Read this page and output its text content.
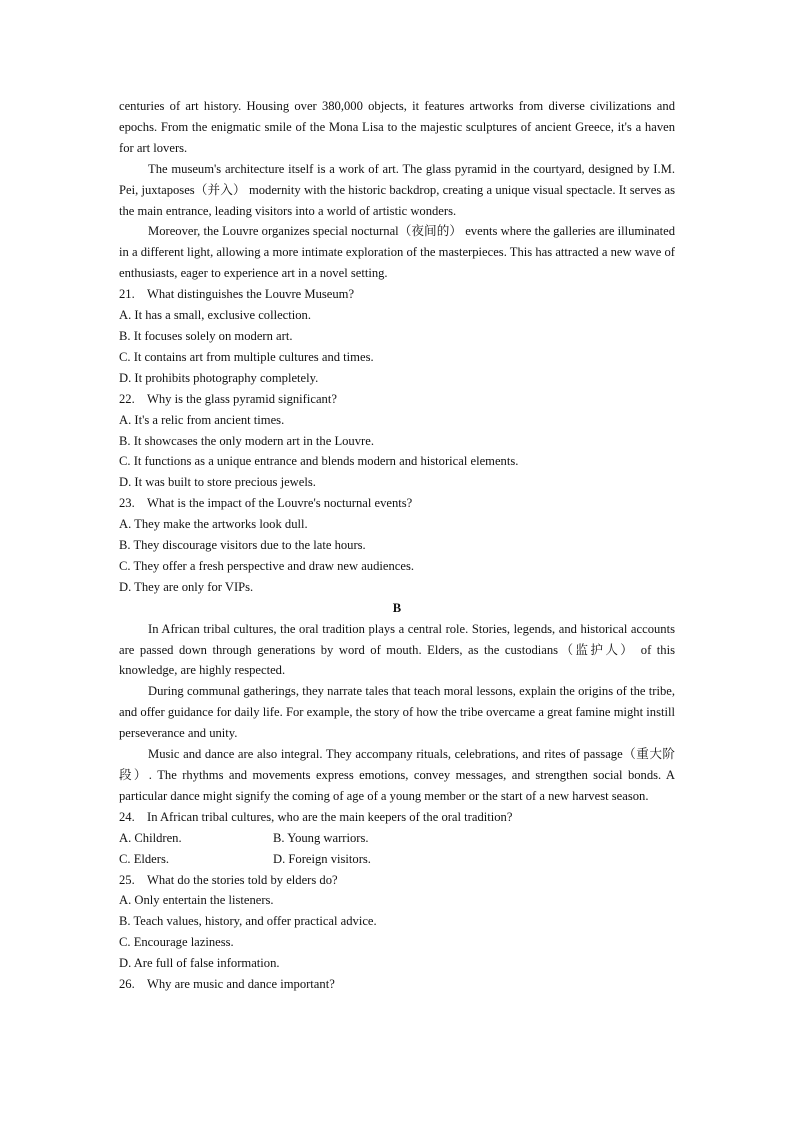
centuries of art history. Housing over 380,000 objects, it features artworks from diverse civilizations and epochs. From the enigmatic smile of the Mona Lisa to the majestic sculptures of ancient Greece, it's a haven for art lovers.

The museum's architecture itself is a work of art. The glass pyramid in the courtyard, designed by I.M. Pei, juxtaposes（并入） modernity with the historic backdrop, creating a unique visual spectacle. It serves as the main entrance, leading visitors into a world of artistic wonders.

Moreover, the Louvre organizes special nocturnal（夜间的） events where the galleries are illuminated in a different light, allowing a more intimate exploration of the masterpieces. This has attracted a new wave of enthusiasts, eager to experience art in a novel setting.

21. What distinguishes the Louvre Museum?

A. It has a small, exclusive collection.

B. It focuses solely on modern art.

C. It contains art from multiple cultures and times.

D. It prohibits photography completely.

22. Why is the glass pyramid significant?

A. It's a relic from ancient times.

B. It showcases the only modern art in the Louvre.

C. It functions as a unique entrance and blends modern and historical elements.

D. It was built to store precious jewels.

23. What is the impact of the Louvre's nocturnal events?

A. They make the artworks look dull.

B. They discourage visitors due to the late hours.

C. They offer a fresh perspective and draw new audiences.

D. They are only for VIPs.

B

In African tribal cultures, the oral tradition plays a central role. Stories, legends, and historical accounts are passed down through generations by word of mouth. Elders, as the custodians（监护人） of this knowledge, are highly respected.

During communal gatherings, they narrate tales that teach moral lessons, explain the origins of the tribe, and offer guidance for daily life. For example, the story of how the tribe overcame a great famine might instill perseverance and unity.

Music and dance are also integral. They accompany rituals, celebrations, and rites of passage（重大阶段）. The rhythms and movements express emotions, convey messages, and strengthen social bonds. A particular dance might signify the coming of age of a young member or the start of a new harvest season.

24. In African tribal cultures, who are the main keepers of the oral tradition?

A. Children.	B. Young warriors.
C. Elders.	D. Foreign visitors.

25. What do the stories told by elders do?

A. Only entertain the listeners.

B. Teach values, history, and offer practical advice.

C. Encourage laziness.

D. Are full of false information.

26. Why are music and dance important?
